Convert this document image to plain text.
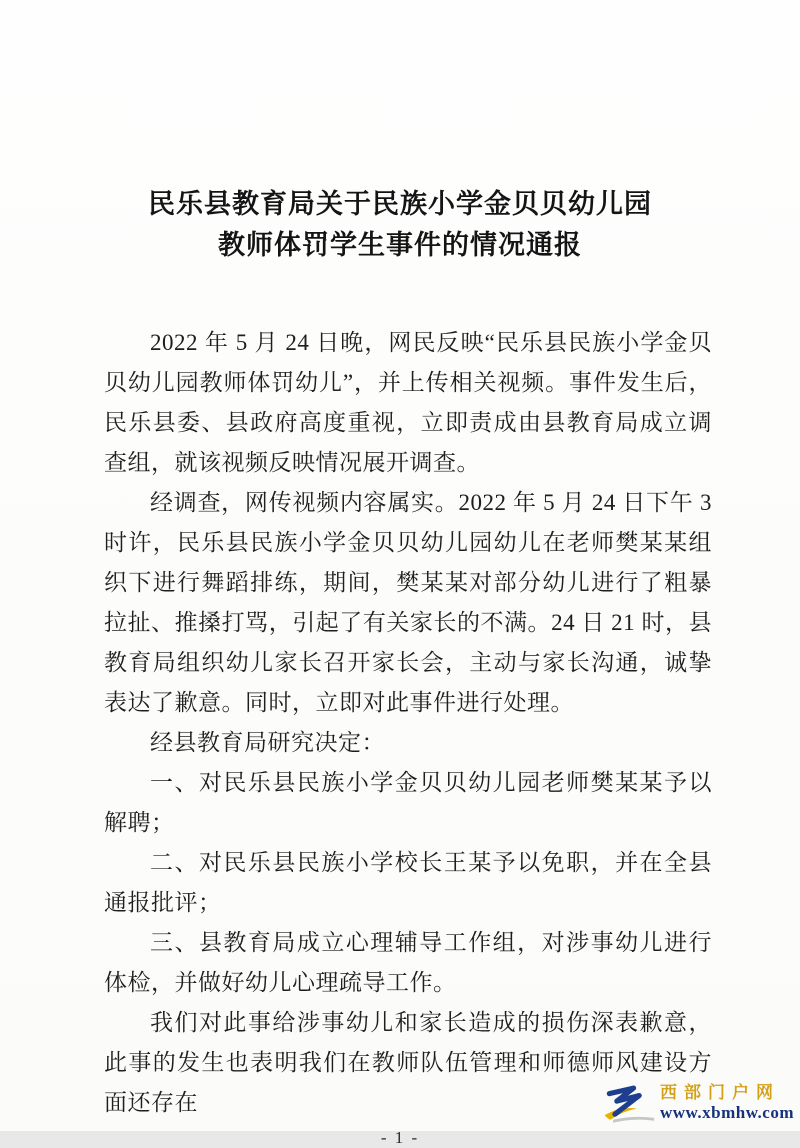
民乐县教育局关于民族小学金贝贝幼儿园
教师体罚学生事件的情况通报

2022 年 5 月 24 日晚，网民反映“民乐县民族小学金贝贝幼儿园教师体罚幼儿”，并上传相关视频。事件发生后，民乐县委、县政府高度重视，立即责成由县教育局成立调查组，就该视频反映情况展开调查。

经调查，网传视频内容属实。2022 年 5 月 24 日下午 3 时许，民乐县民族小学金贝贝幼儿园幼儿在老师樊某某组织下进行舞蹈排练，期间，樊某某对部分幼儿进行了粗暴拉扯、推搡打骂，引起了有关家长的不满。24 日 21 时，县教育局组织幼儿家长召开家长会，主动与家长沟通，诚挚表达了歉意。同时，立即对此事件进行处理。

经县教育局研究决定：

一、对民乐县民族小学金贝贝幼儿园老师樊某某予以解聘；

二、对民乐县民族小学校长王某予以免职，并在全县通报批评；

三、县教育局成立心理辅导工作组，对涉事幼儿进行体检，并做好幼儿心理疏导工作。

我们对此事给涉事幼儿和家长造成的损伤深表歉意，此事的发生也表明我们在教师队伍管理和师德师风建设方面还存在

- 1 -
西部门户网
www.xbmhw.com
